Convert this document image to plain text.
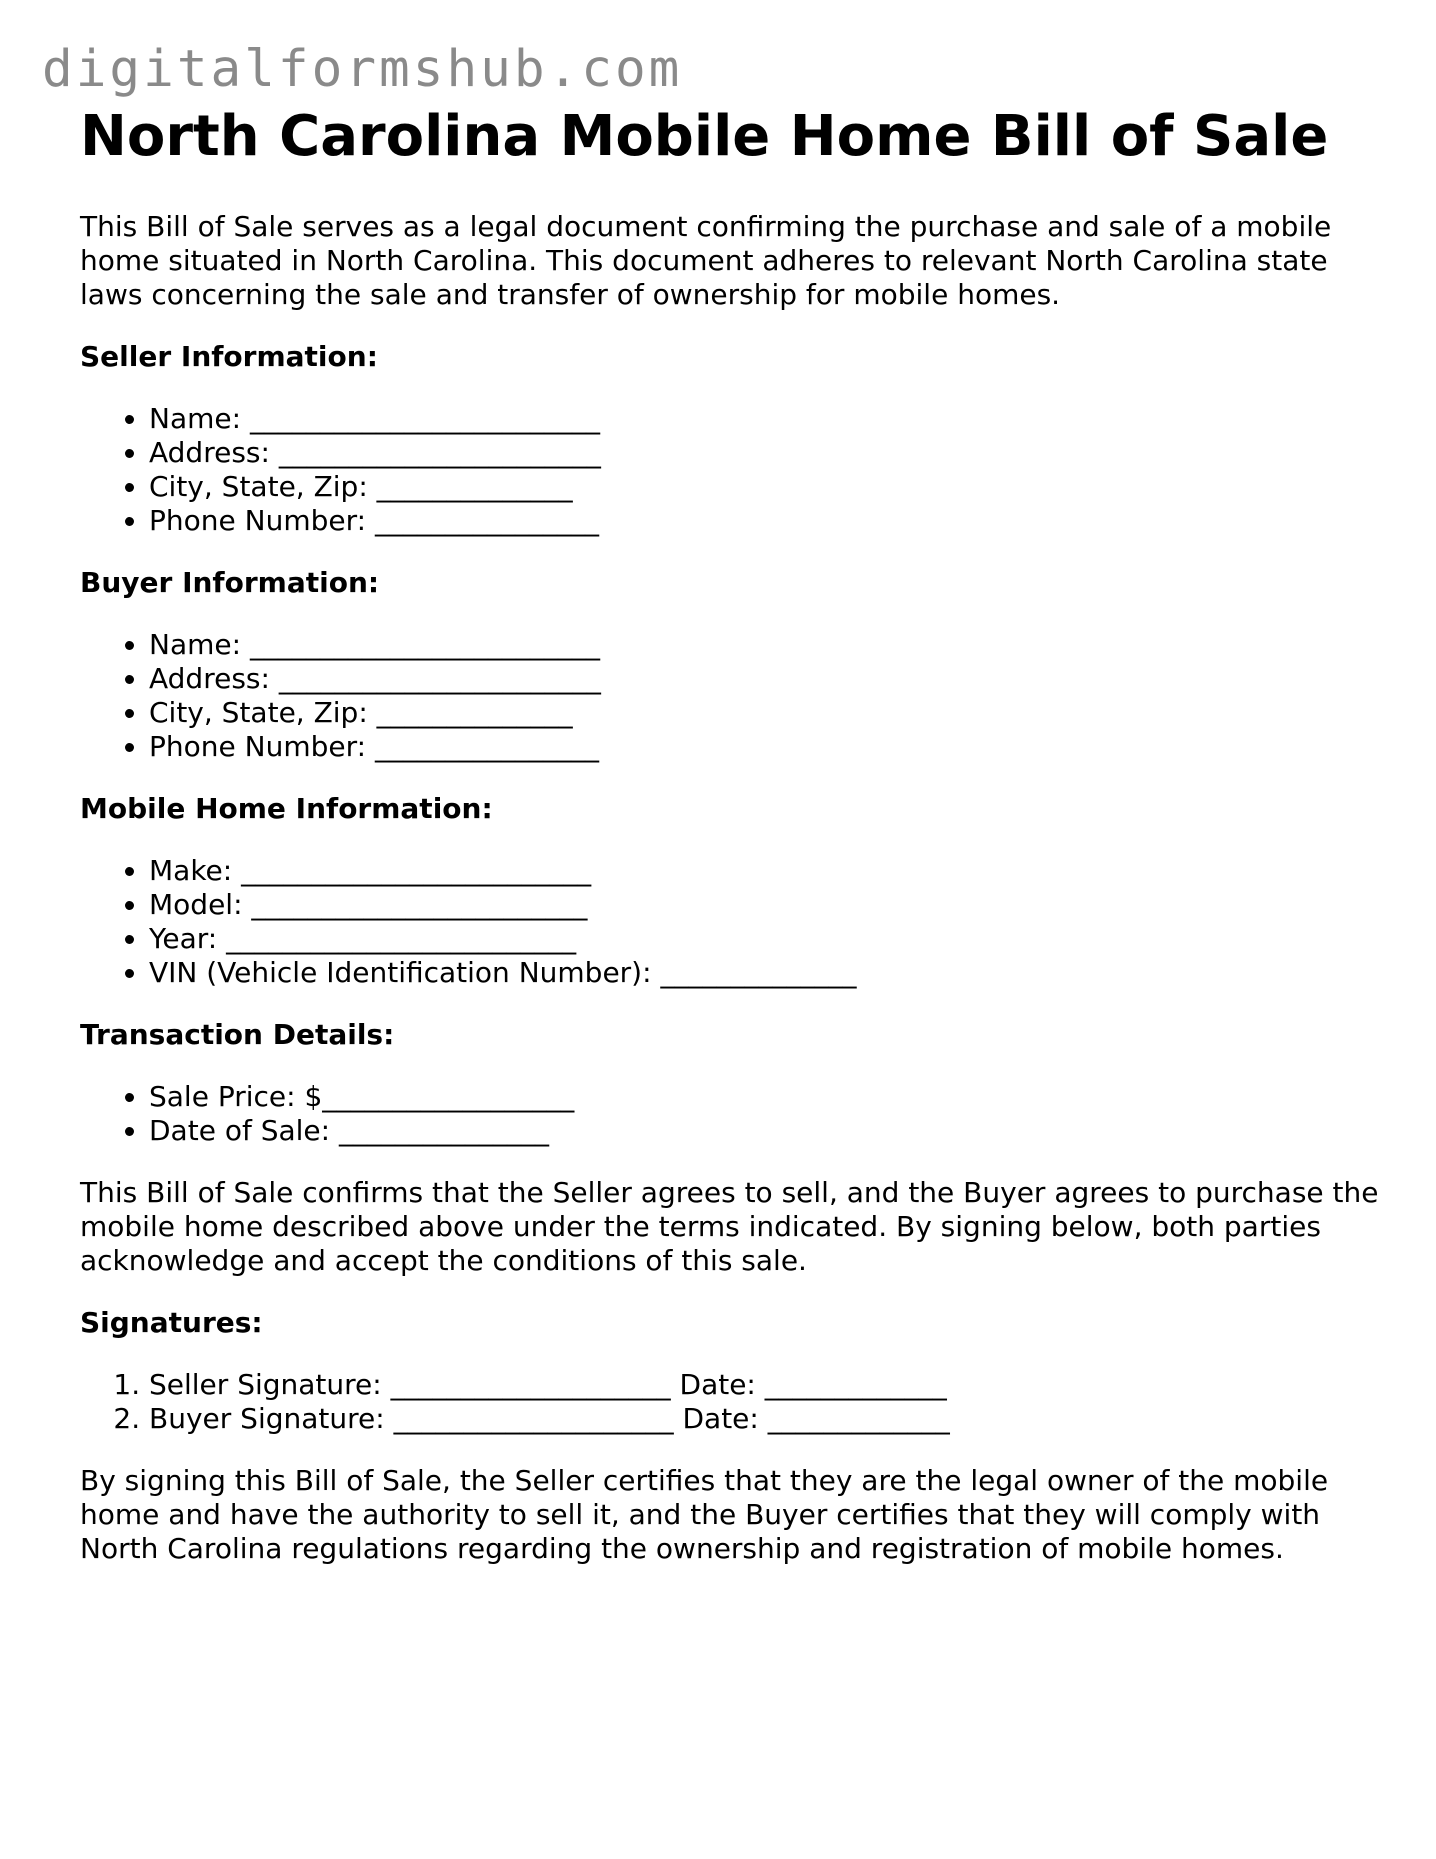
digitalformshub.com
North Carolina Mobile Home Bill of Sale

This Bill of Sale serves as a legal document confirming the purchase and sale of a mobile home situated in North Carolina. This document adheres to relevant North Carolina state laws concerning the sale and transfer of ownership for mobile homes.

Seller Information:
• Name: _________________________
• Address: _______________________
• City, State, Zip: ______________
• Phone Number: ________________
Buyer Information:
• Name: _________________________
• Address: _______________________
• City, State, Zip: ______________
• Phone Number: ________________
Mobile Home Information:
• Make: _________________________
• Model: ________________________
• Year: _________________________
• VIN (Vehicle Identification Number): ______________
Transaction Details:
• Sale Price: $__________________
• Date of Sale: _______________

This Bill of Sale confirms that the Seller agrees to sell, and the Buyer agrees to purchase the mobile home described above under the terms indicated. By signing below, both parties acknowledge and accept the conditions of this sale.

Signatures:
1. Seller Signature: ____________________ Date: _____________
2. Buyer Signature: ____________________ Date: _____________

By signing this Bill of Sale, the Seller certifies that they are the legal owner of the mobile home and have the authority to sell it, and the Buyer certifies that they will comply with North Carolina regulations regarding the ownership and registration of mobile homes.
